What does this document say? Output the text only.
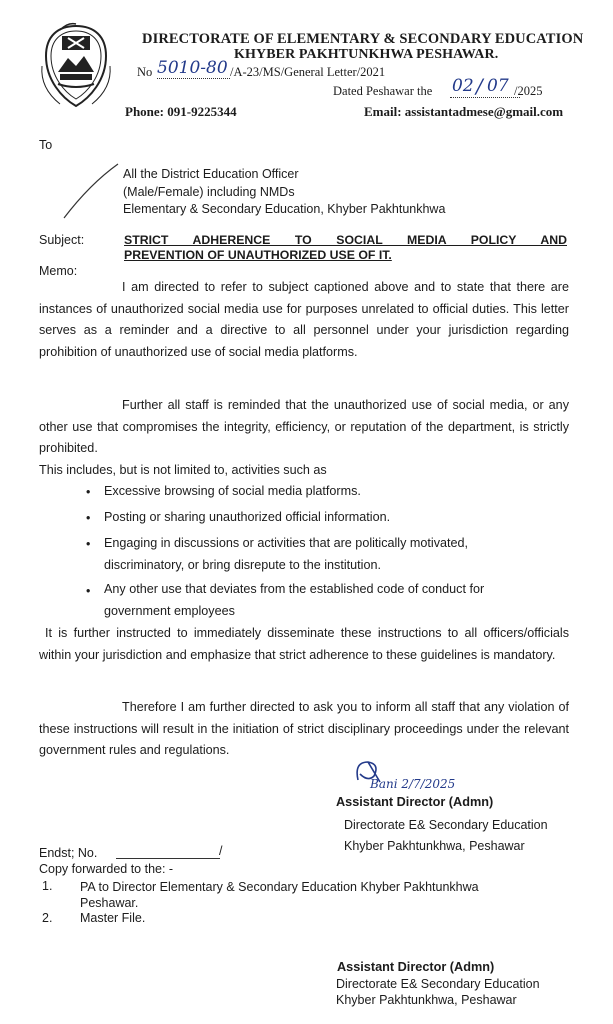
DIRECTORATE OF ELEMENTARY & SECONDARY EDUCATION
KHYBER PAKHTUNKHWA PESHAWAR.
No 5010-80 /A-23/MS/General Letter/2021
Dated Peshawar the 02 / 07 /2025
Phone: 091-9225344	Email: assistantadmese@gmail.com
To
All the District Education Officer
(Male/Female) including NMDs
Elementary & Secondary Education, Khyber Pakhtunkhwa
Subject:	STRICT ADHERENCE TO SOCIAL MEDIA POLICY AND
PREVENTION OF UNAUTHORIZED USE OF IT.
Memo:
I am directed to refer to subject captioned above and to state that there are instances of unauthorized social media use for purposes unrelated to official duties. This letter serves as a reminder and a directive to all personnel under your jurisdiction regarding prohibition of unauthorized use of social media platforms.
Further all staff is reminded that the unauthorized use of social media, or any other use that compromises the integrity, efficiency, or reputation of the department, is strictly prohibited.
This includes, but is not limited to, activities such as
• Excessive browsing of social media platforms.
• Posting or sharing unauthorized official information.
• Engaging in discussions or activities that are politically motivated, discriminatory, or bring disrepute to the institution.
• Any other use that deviates from the established code of conduct for government employees
It is further instructed to immediately disseminate these instructions to all officers/officials within your jurisdiction and emphasize that strict adherence to these guidelines is mandatory.
Therefore I am further directed to ask you to inform all staff that any violation of these instructions will result in the initiation of strict disciplinary proceedings under the relevant government rules and regulations.
Bani 2/7/2025
Assistant Director (Admn)
Directorate E& Secondary Education
Khyber Pakhtunkhwa, Peshawar
Endst; No.	/
Copy forwarded to the: -
1. PA to Director Elementary & Secondary Education Khyber Pakhtunkhwa Peshawar.
2. Master File.
Assistant Director (Admn)
Directorate E& Secondary Education
Khyber Pakhtunkhwa, Peshawar
